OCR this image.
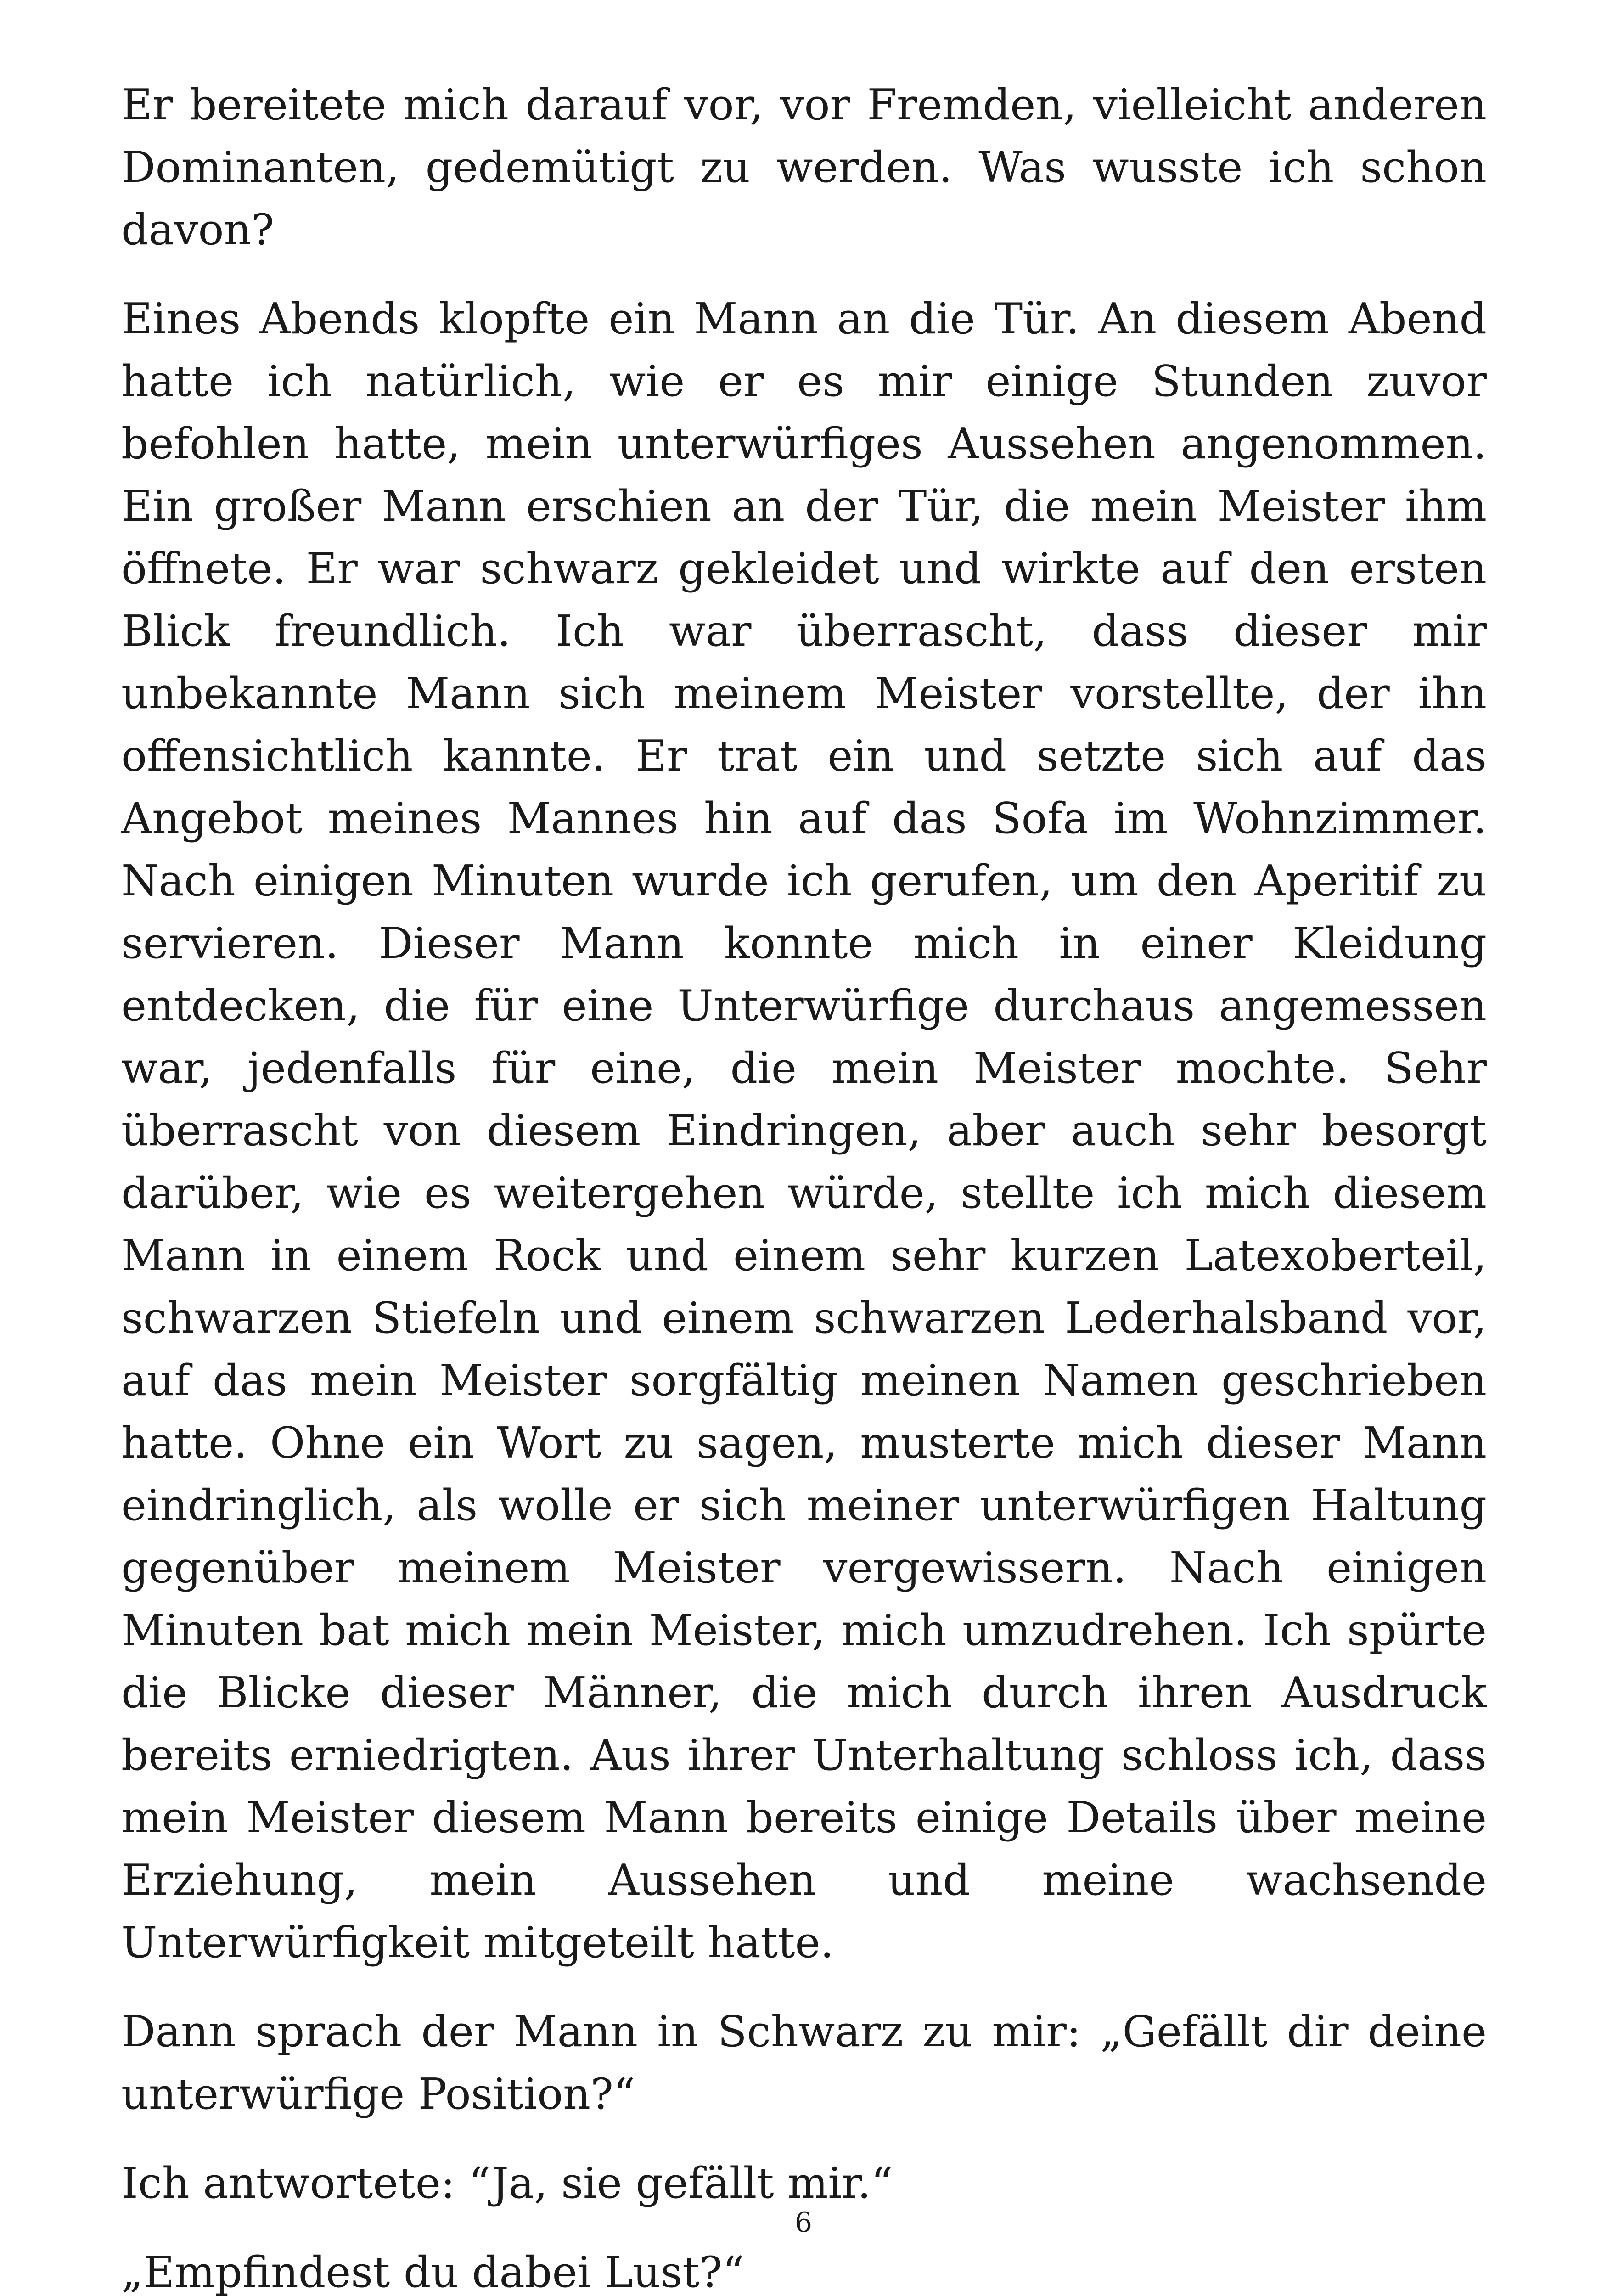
Er bereitete mich darauf vor, vor Fremden, vielleicht anderen Dominanten, gedemütigt zu werden. Was wusste ich schon davon?

Eines Abends klopfte ein Mann an die Tür. An diesem Abend hatte ich natürlich, wie er es mir einige Stunden zuvor befohlen hatte, mein unterwürfiges Aussehen angenommen. Ein großer Mann erschien an der Tür, die mein Meister ihm öffnete. Er war schwarz gekleidet und wirkte auf den ersten Blick freundlich. Ich war überrascht, dass dieser mir unbekannte Mann sich meinem Meister vorstellte, der ihn offensichtlich kannte. Er trat ein und setzte sich auf das Angebot meines Mannes hin auf das Sofa im Wohnzimmer. Nach einigen Minuten wurde ich gerufen, um den Aperitif zu servieren. Dieser Mann konnte mich in einer Kleidung entdecken, die für eine Unterwürfige durchaus angemessen war, jedenfalls für eine, die mein Meister mochte. Sehr überrascht von diesem Eindringen, aber auch sehr besorgt darüber, wie es weitergehen würde, stellte ich mich diesem Mann in einem Rock und einem sehr kurzen Latexoberteil, schwarzen Stiefeln und einem schwarzen Lederhalsband vor, auf das mein Meister sorgfältig meinen Namen geschrieben hatte. Ohne ein Wort zu sagen, musterte mich dieser Mann eindringlich, als wolle er sich meiner unterwürfigen Haltung gegenüber meinem Meister vergewissern. Nach einigen Minuten bat mich mein Meister, mich umzudrehen. Ich spürte die Blicke dieser Männer, die mich durch ihren Ausdruck bereits erniedrigten. Aus ihrer Unterhaltung schloss ich, dass mein Meister diesem Mann bereits einige Details über meine Erziehung, mein Aussehen und meine wachsende Unterwürfigkeit mitgeteilt hatte.

Dann sprach der Mann in Schwarz zu mir: „Gefällt dir deine unterwürfige Position?“

Ich antwortete: “Ja, sie gefällt mir.“

„Empfindest du dabei Lust?“

6
